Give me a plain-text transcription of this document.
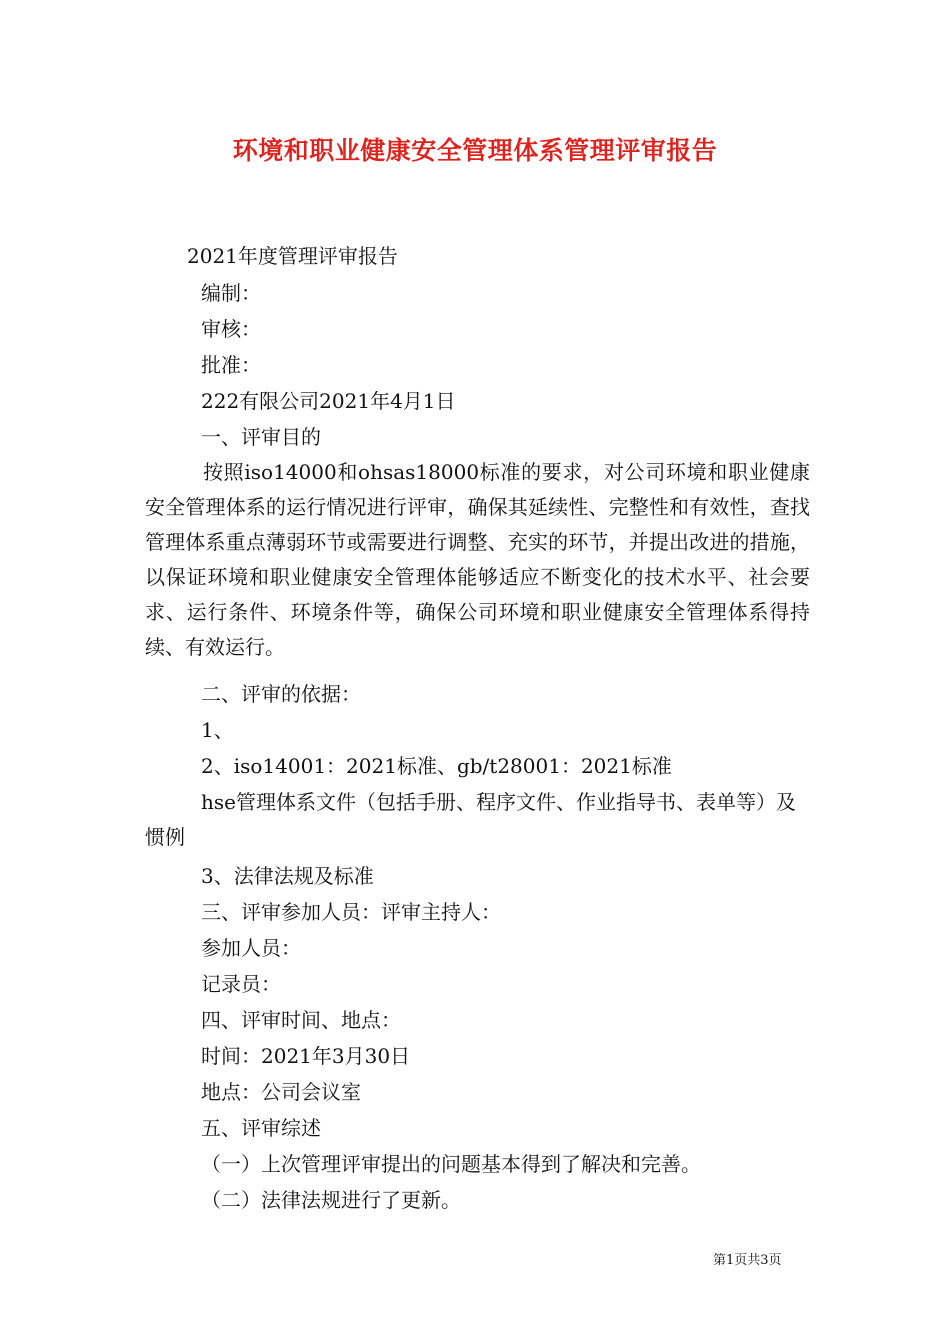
环境和职业健康安全管理体系管理评审报告
2021年度管理评审报告
编制：
审核：
批准：
222有限公司2021年4月1日
一、评审目的
按照iso14000和ohsas18000标准的要求，对公司环境和职业健康安全管理体系的运行情况进行评审，确保其延续性、完整性和有效性，查找管理体系重点薄弱环节或需要进行调整、充实的环节，并提出改进的措施，以保证环境和职业健康安全管理体能够适应不断变化的技术水平、社会要求、运行条件、环境条件等，确保公司环境和职业健康安全管理体系得持续、有效运行。
二、评审的依据：
1、
2、iso14001：2021标准、gb/t28001：2021标准
hse管理体系文件（包括手册、程序文件、作业指导书、表单等）及惯例
3、法律法规及标准
三、评审参加人员：评审主持人：
参加人员：
记录员：
四、评审时间、地点：
时间：2021年3月30日
地点：公司会议室
五、评审综述
（一）上次管理评审提出的问题基本得到了解决和完善。
（二）法律法规进行了更新。
第1页共3页
